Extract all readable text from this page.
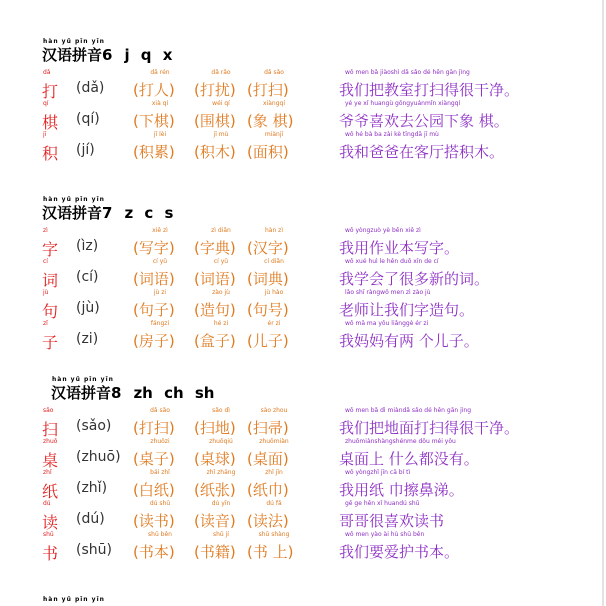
hàn yǔ pīn yīn
汉语拼音6 j q x
dǎ
打 (dǎ)
dǎ rén
(打人)
dǎ rǎo
(打扰)
dǎ sǎo
(打扫)
wǒ men bǎ jiàoshì dǎ sǎo dé hěn gān jìng
我们把教室打扫得很干净。
qí
棋 (qí)
xià qí
(下棋)
wéi qí
(围棋)
xiàngqí
(象 棋)
yé ye xǐ huangù gōngyuánmǐn xiàngqí
爷爷喜欢去公园下象 棋。
jī
积 (jí)
jī lèi
(积累)
jī mù
(积木)
miànjī
(面积)
wǒ hé bà ba zài kè tīngdā jī mù
我和爸爸在客厅搭积木。
hàn yǔ pīn yīn
汉语拼音7 z c s
zì
字 (ìz)
xiě zì
(写字)
zì diǎn
(字典)
hàn zì
(汉字)
wǒ yòngzuò yè běn xiě zì
我用作业本写字。
cí
词 (cí)
cí yǔ
(词语)
cí yǔ
(词语)
cí diǎn
(词典)
wǒ xué huì le hěn duō xīn de cí
我学会了很多新的词。
jù
句 (jù)
jù zi
(句子)
zào jù
(造句)
jù hào
(句号)
lǎo shī ràngwǒ men zì zào jù
老师让我们字造句。
zǐ
子 (zi)
fángzi
(房子)
hé zi
(盒子)
ér zi
(儿子)
wǒ mā ma yǒu liǎnggè ér zi
我妈妈有两 个儿子。
hàn yǔ pīn yīn
汉语拼音8 zh ch sh
sǎo
扫 (sǎo)
dǎ sǎo
(打扫)
sǎo dì
(扫地)
sào zhou
(扫帚)
wǒ men bǎ dì miàndǎ sǎo dé hěn gān jìng
我们把地面打扫得很干净。
zhuō
桌 (zhuō)
zhuōzi
(桌子)
zhuōqiú
(桌球)
zhuōmiàn
(桌面)
zhuōmiànshàngshénme dōu méi yǒu
桌面上 什么都没有。
zhǐ
纸 (zhǐ)
bái zhǐ
(白纸)
zhǐ zhāng
(纸张)
zhǐ jīn
(纸巾)
wǒ yòngzhǐ jīn cā bí tì
我用纸 巾擦鼻涕。
dú
读 (dú)
dú shū
(读书)
dú yīn
(读音)
dú fǎ
(读法)
gē ge hěn xǐ huandú shū
哥哥很喜欢读书
shū
书 (shū)
shū běn
(书本)
shū jí
(书籍)
shū shàng
(书 上)
wǒ men yào ài hù shū běn
我们要爱护书本。
hàn yǔ pīn yīn
